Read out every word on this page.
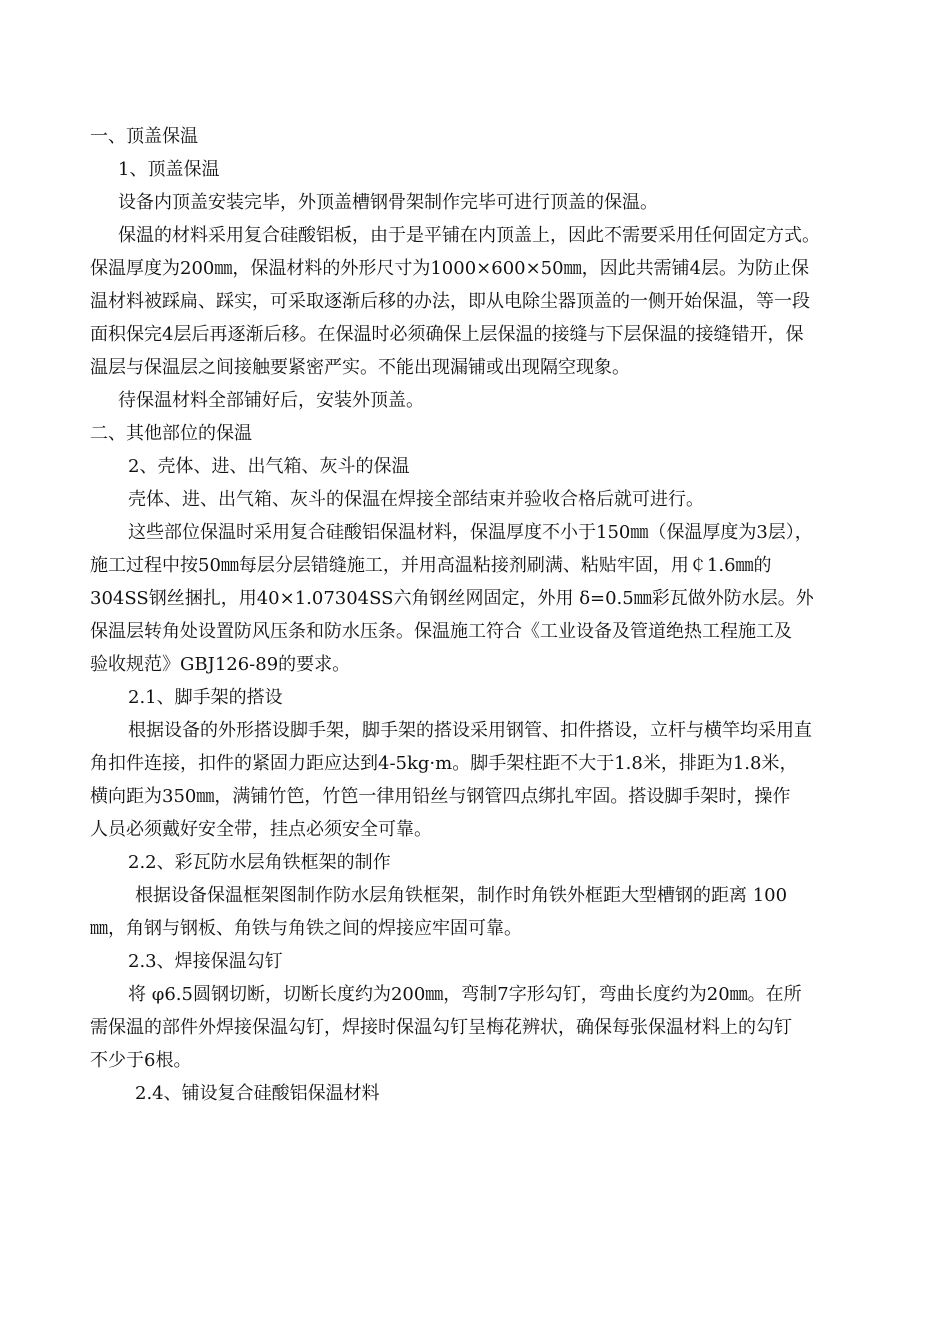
一、顶盖保温

1、顶盖保温

设备内顶盖安装完毕，外顶盖槽钢骨架制作完毕可进行顶盖的保温。

保温的材料采用复合硅酸铝板，由于是平铺在内顶盖上，因此不需要采用任何固定方式。

保温厚度为200㎜，保温材料的外形尺寸为1000×600×50㎜，因此共需铺4层。为防止保

温材料被踩扁、踩实，可采取逐渐后移的办法，即从电除尘器顶盖的一侧开始保温，等一段

面积保完4层后再逐渐后移。在保温时必须确保上层保温的接缝与下层保温的接缝错开，保

温层与保温层之间接触要紧密严实。不能出现漏铺或出现隔空现象。

待保温材料全部铺好后，安装外顶盖。

二、其他部位的保温

2、壳体、进、出气箱、灰斗的保温

壳体、进、出气箱、灰斗的保温在焊接全部结束并验收合格后就可进行。

这些部位保温时采用复合硅酸铝保温材料，保温厚度不小于150㎜（保温厚度为3层），

施工过程中按50㎜每层分层错缝施工，并用高温粘接剂刷满、粘贴牢固，用￠1.6㎜的

304SS钢丝捆扎，用40×1.07304SS六角钢丝网固定，外用 δ=0.5㎜彩瓦做外防水层。外

保温层转角处设置防风压条和防水压条。保温施工符合《工业设备及管道绝热工程施工及

验收规范》GBJ126-89的要求。

2.1、脚手架的搭设

根据设备的外形搭设脚手架，脚手架的搭设采用钢管、扣件搭设，立杆与横竿均采用直

角扣件连接，扣件的紧固力距应达到4-5kg·m。脚手架柱距不大于1.8米，排距为1.8米，

横向距为350㎜，满铺竹笆，竹笆一律用铅丝与钢管四点绑扎牢固。搭设脚手架时，操作

人员必须戴好安全带，挂点必须安全可靠。

2.2、彩瓦防水层角铁框架的制作

根据设备保温框架图制作防水层角铁框架，制作时角铁外框距大型槽钢的距离 100

㎜，角钢与钢板、角铁与角铁之间的焊接应牢固可靠。

2.3、焊接保温勾钉

将 φ6.5圆钢切断，切断长度约为200㎜，弯制7字形勾钉，弯曲长度约为20㎜。在所

需保温的部件外焊接保温勾钉，焊接时保温勾钉呈梅花辨状，确保每张保温材料上的勾钉

不少于6根。

2.4、铺设复合硅酸铝保温材料
